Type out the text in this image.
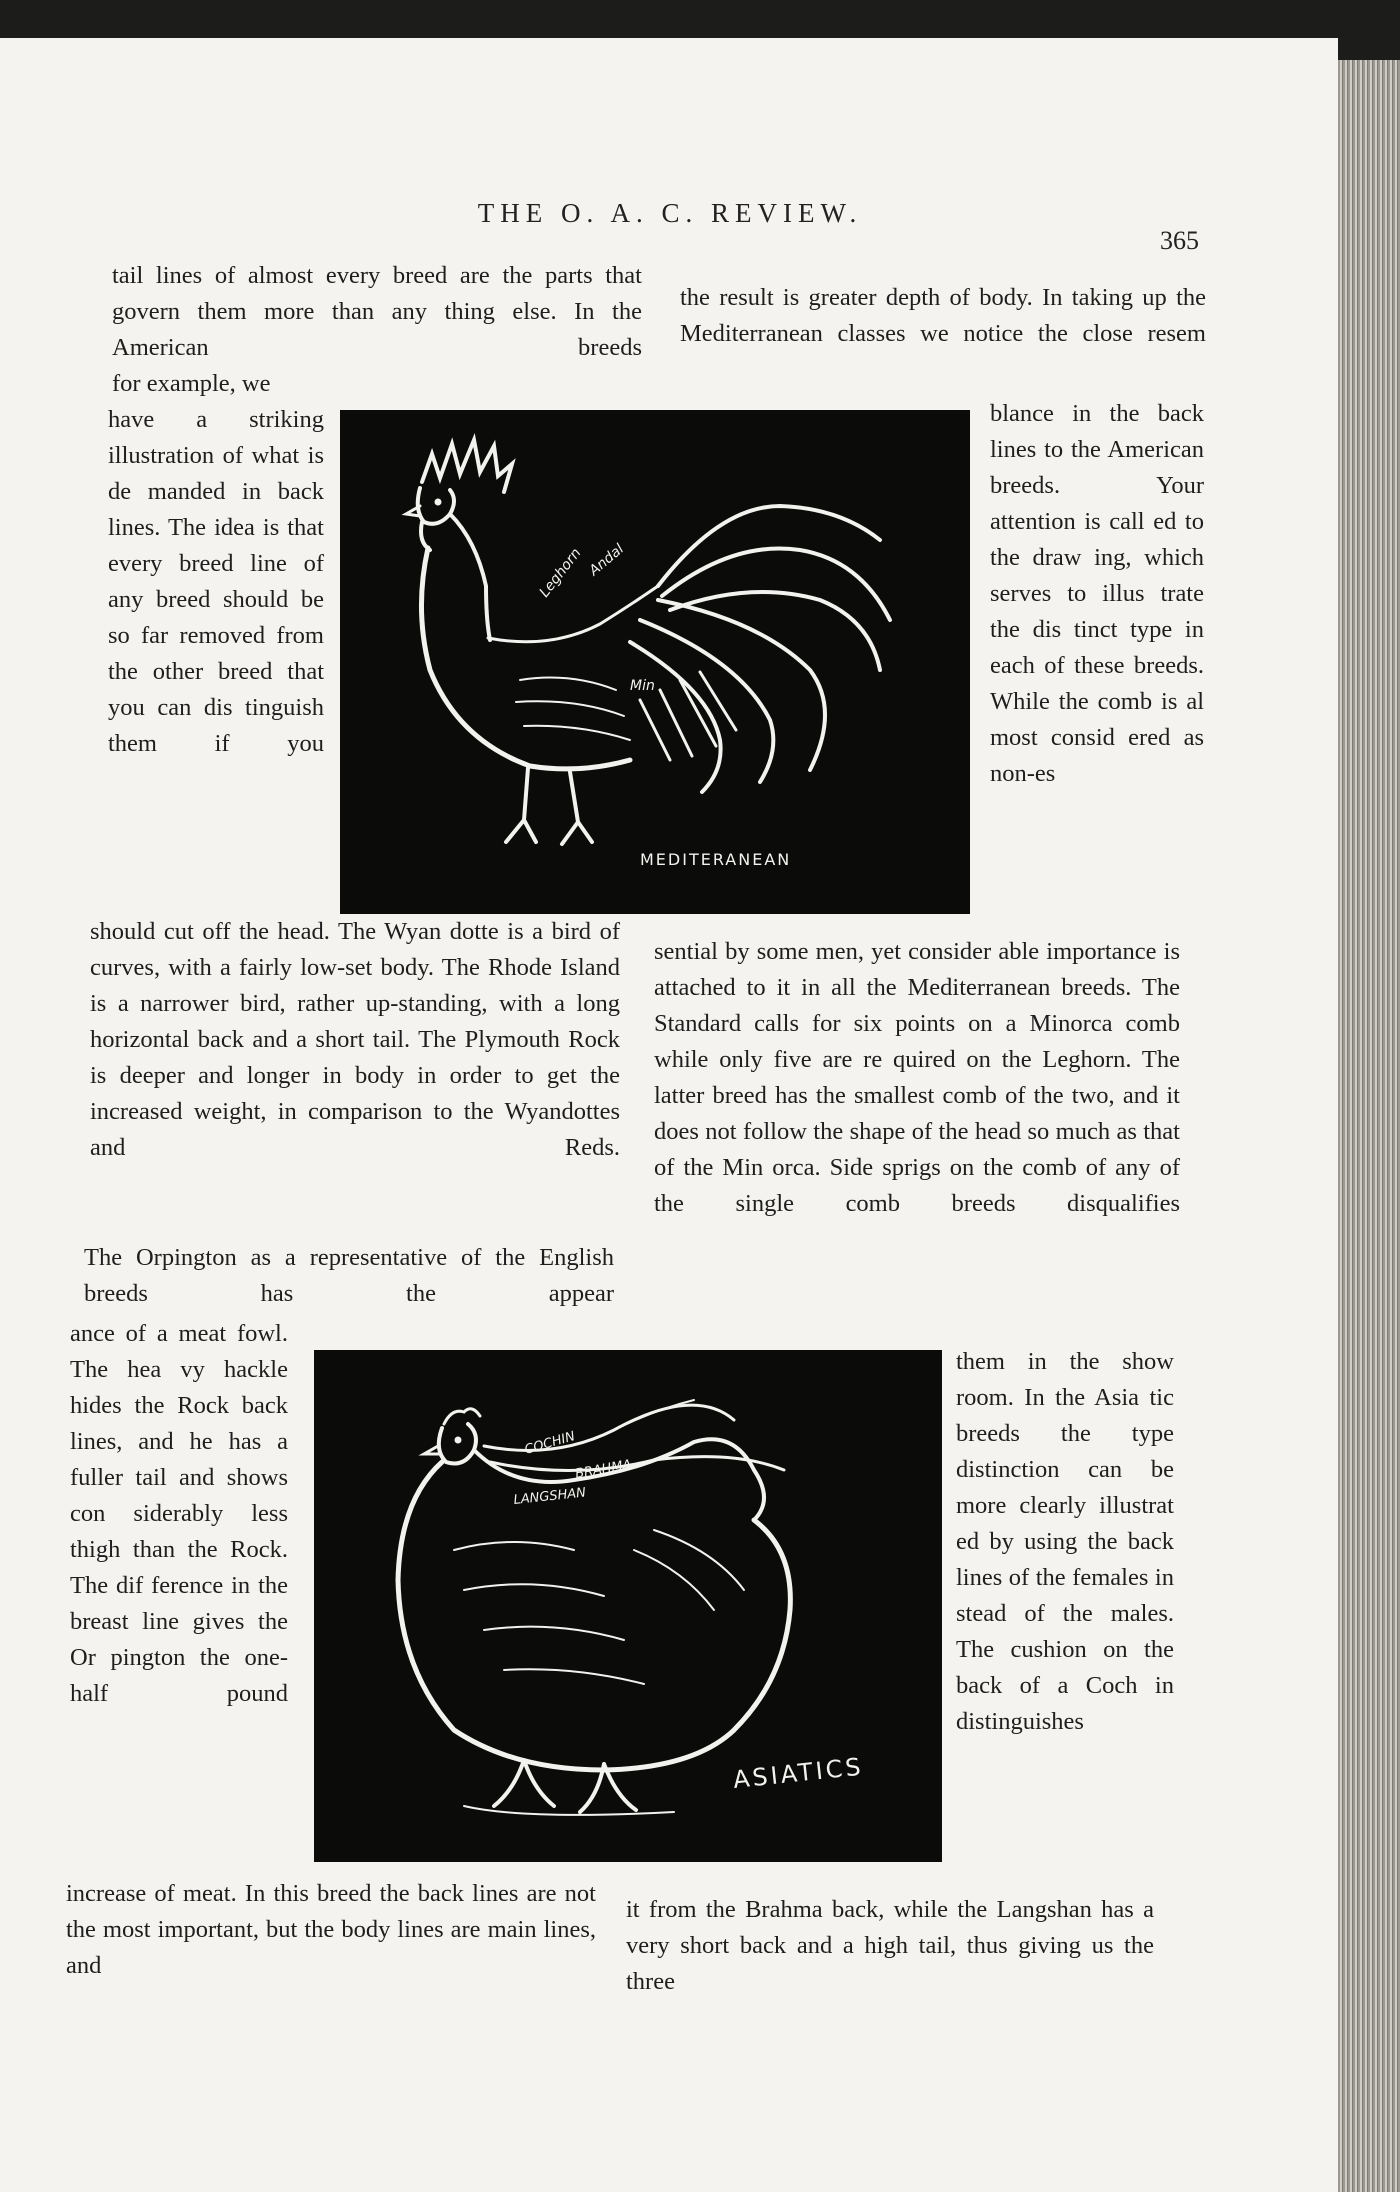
THE O. A. C. REVIEW.
365

tail lines of almost every breed are the parts that govern them more than any thing else. In the American breeds

for example, we

have a striking illustration of what is de manded in back lines. The idea is that every breed line of any breed should be so far removed from the other breed that you can dis tinguish them if you

the result is greater depth of body. In taking up the Mediterranean classes we notice the close resem

blance in the back lines to the American breeds. Your attention is call ed to the draw ing, which serves to illus trate the dis tinct type in each of these breeds. While the comb is al most consid ered as non-es

should cut off the head. The Wyan dotte is a bird of curves, with a fairly low-set body. The Rhode Island is a narrower bird, rather up-standing, with a long horizontal back and a short tail. The Plymouth Rock is deeper and longer in body in order to get the increased weight, in comparison to the Wyandottes and Reds.

The Orpington as a representative of the English breeds has the appear

sential by some men, yet consider able importance is attached to it in all the Mediterranean breeds. The Standard calls for six points on a Minorca comb while only five are re quired on the Leghorn. The latter breed has the smallest comb of the two, and it does not follow the shape of the head so much as that of the Min orca. Side sprigs on the comb of any of the single comb breeds disqualifies

ance of a meat fowl. The hea vy hackle hides the Rock back lines, and he has a fuller tail and shows con siderably less thigh than the Rock. The dif ference in the breast line gives the Or pington the one-half pound

them in the show room. In the Asia tic breeds the type distinction can be more clearly illustrat ed by using the back lines of the females in stead of the males. The cushion on the back of a Coch in distinguishes

increase of meat. In this breed the back lines are not the most important, but the body lines are main lines, and

it from the Brahma back, while the Langshan has a very short back and a high tail, thus giving us the three

Leghorn Andal
Min
MEDITERANEAN
COCHIN
BRAHMA
LANGSHAN
ASIATICS
